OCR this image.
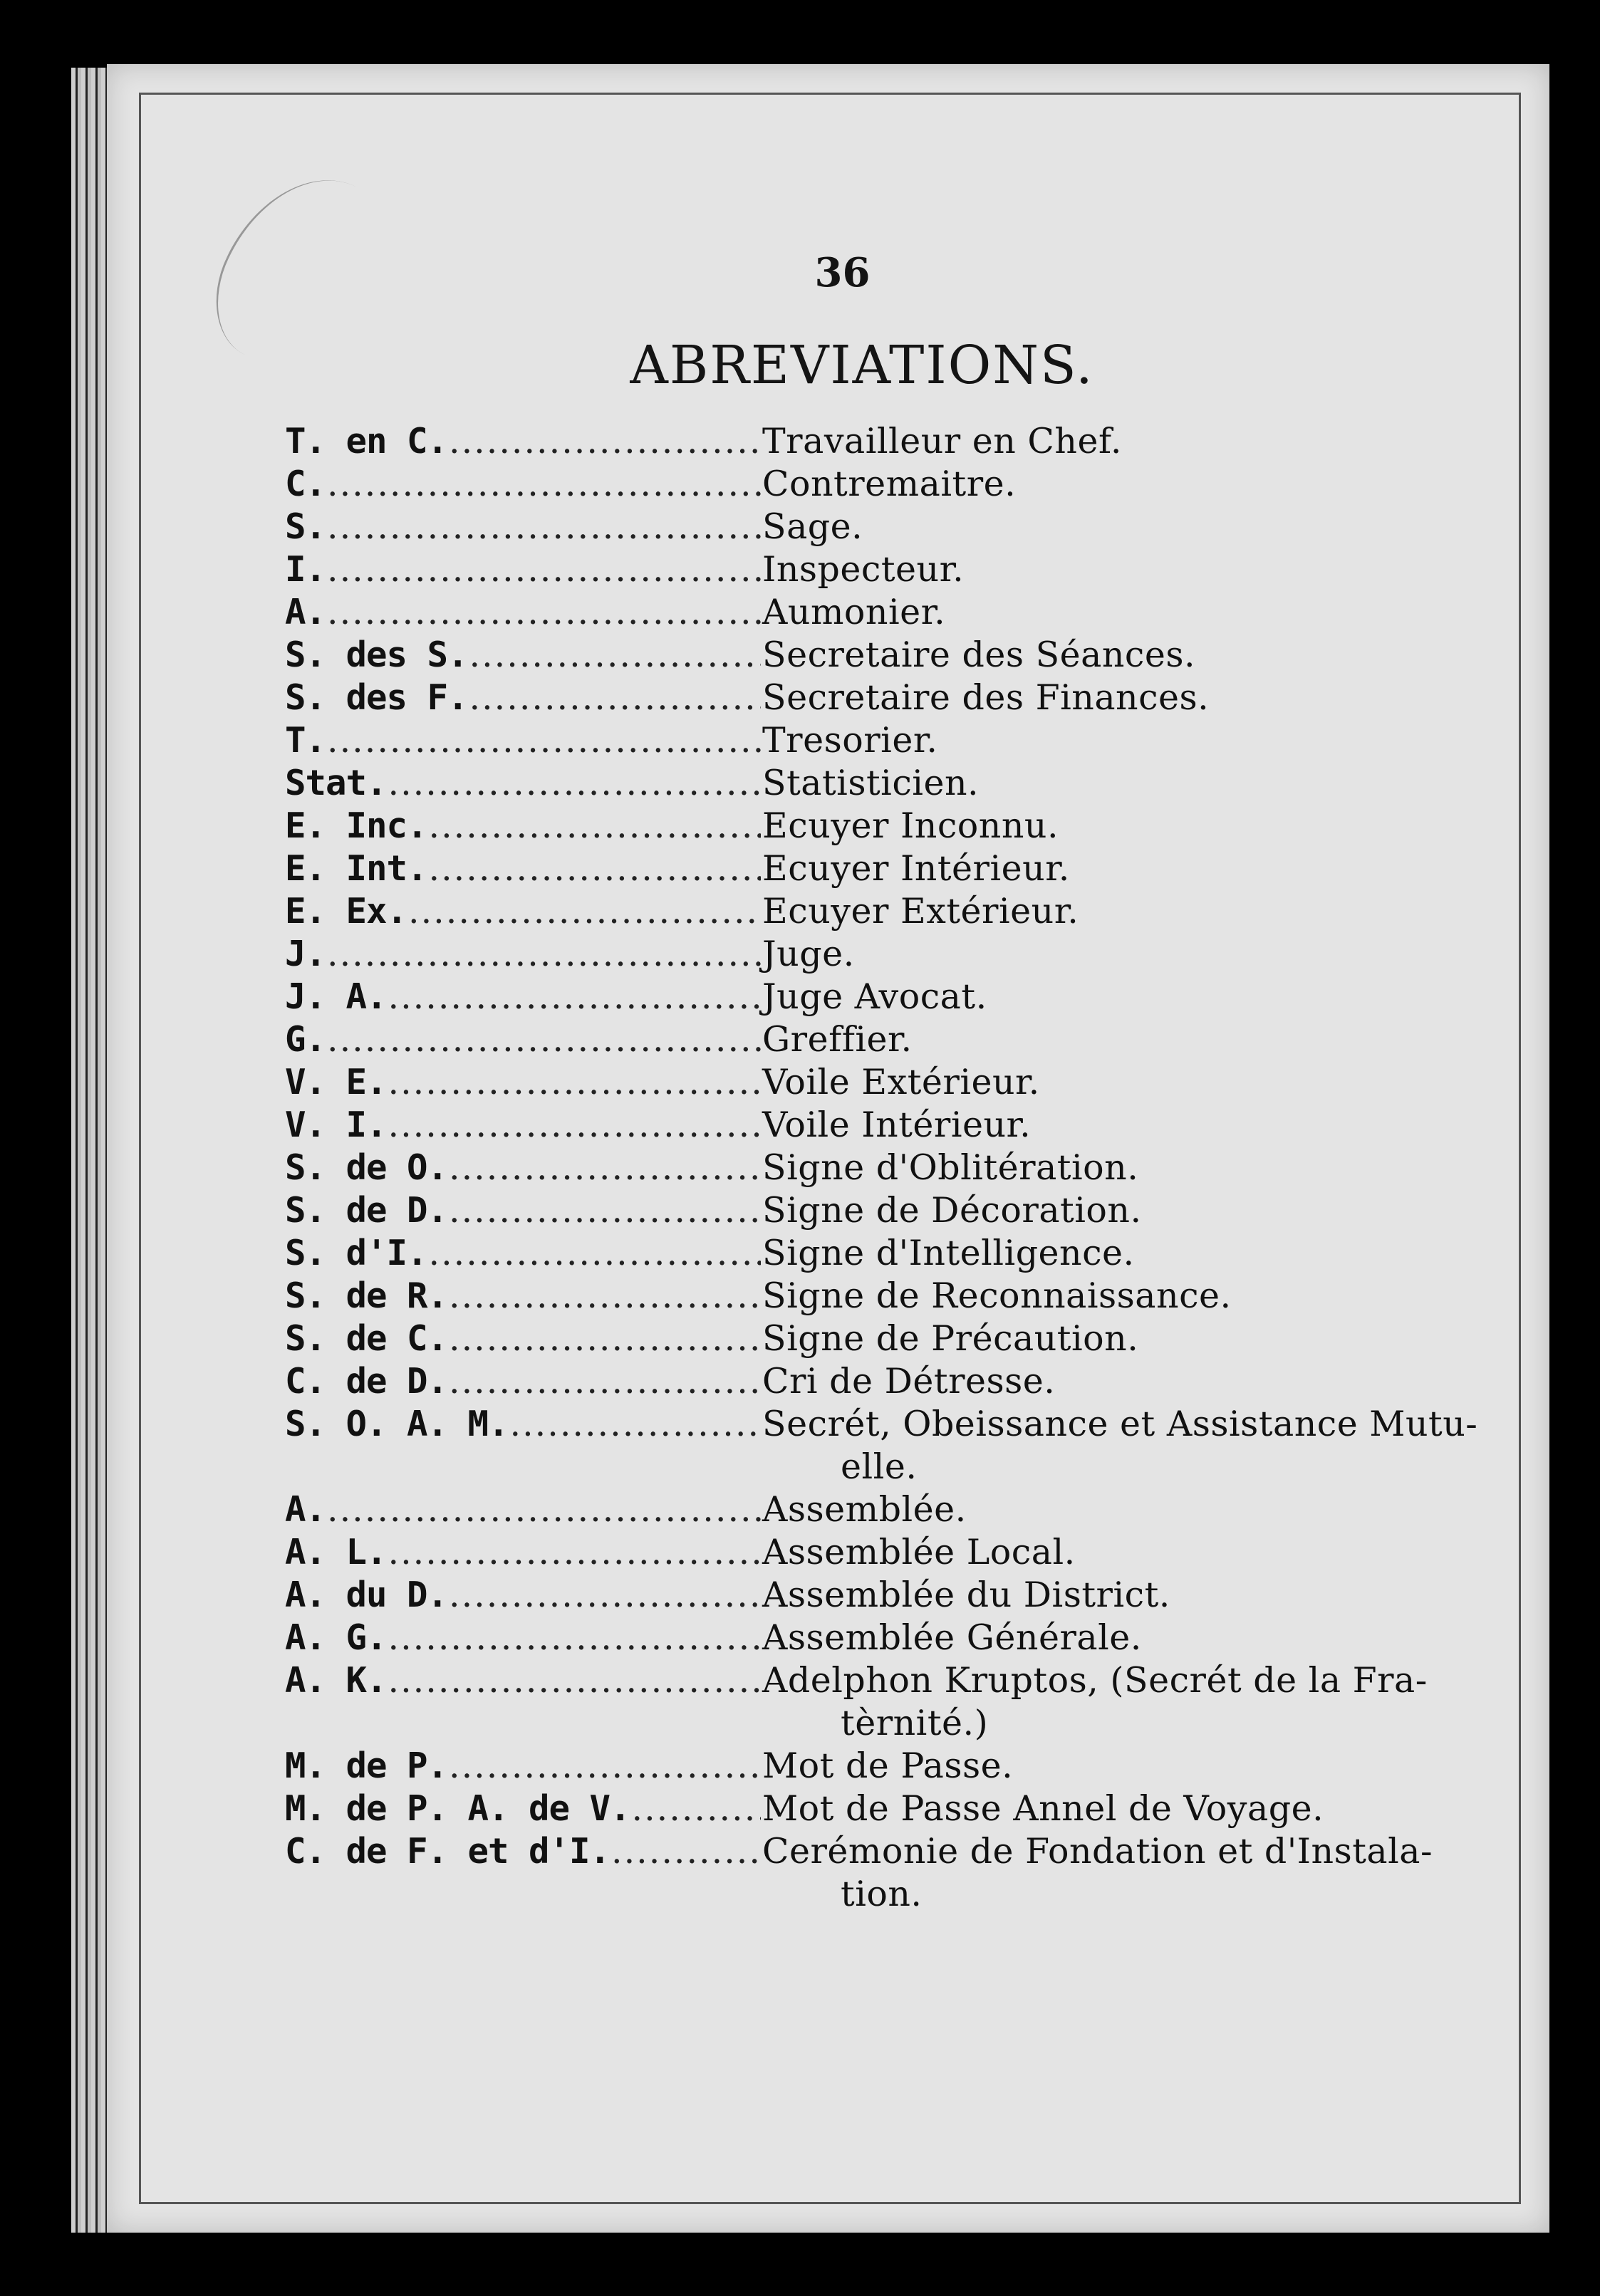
36
ABREVIATIONS.
T. en C. .....	Travailleur en Chef.
C. .....	Contremaitre.
S. .....	Sage.
I. .....	Inspecteur.
A. .....	Aumonier.
S. des S. .....	Secretaire des Séances.
S. des F. .....	Secretaire des Finances.
T. .....	Tresorier.
Stat. .....	Statisticien.
E. Inc. .....	Ecuyer Inconnu.
E. Int. .....	Ecuyer Intérieur.
E. Ex. .....	Ecuyer Extérieur.
J. .....	Juge.
J. A. .....	Juge Avocat.
G. .....	Greffier.
V. E. .....	Voile Extérieur.
V. I. .....	Voile Intérieur.
S. de O. .....	Signe d'Oblitération.
S. de D. .....	Signe de Décoration.
S. d'I. .....	Signe d'Intelligence.
S. de R. .....	Signe de Reconnaissance.
S. de C. .....	Signe de Précaution.
C. de D. .....	Cri de Détresse.
S. O. A. M. .....	Secrét, Obeissance et Assistance Mutu-
elle.
A. .....	Assemblée.
A. L. .....	Assemblée Local.
A. du D. .....	Assemblée du District.
A. G. .....	Assemblée Générale.
A. K. .....	Adelphon Kruptos, (Secrét de la Fra-
tèrnité.)
M. de P. .....	Mot de Passe.
M. de P. A. de V. .....	Mot de Passe Annel de Voyage.
C. de F. et d'I. .....	Cerémonie de Fondation et d'Instala-
tion.
